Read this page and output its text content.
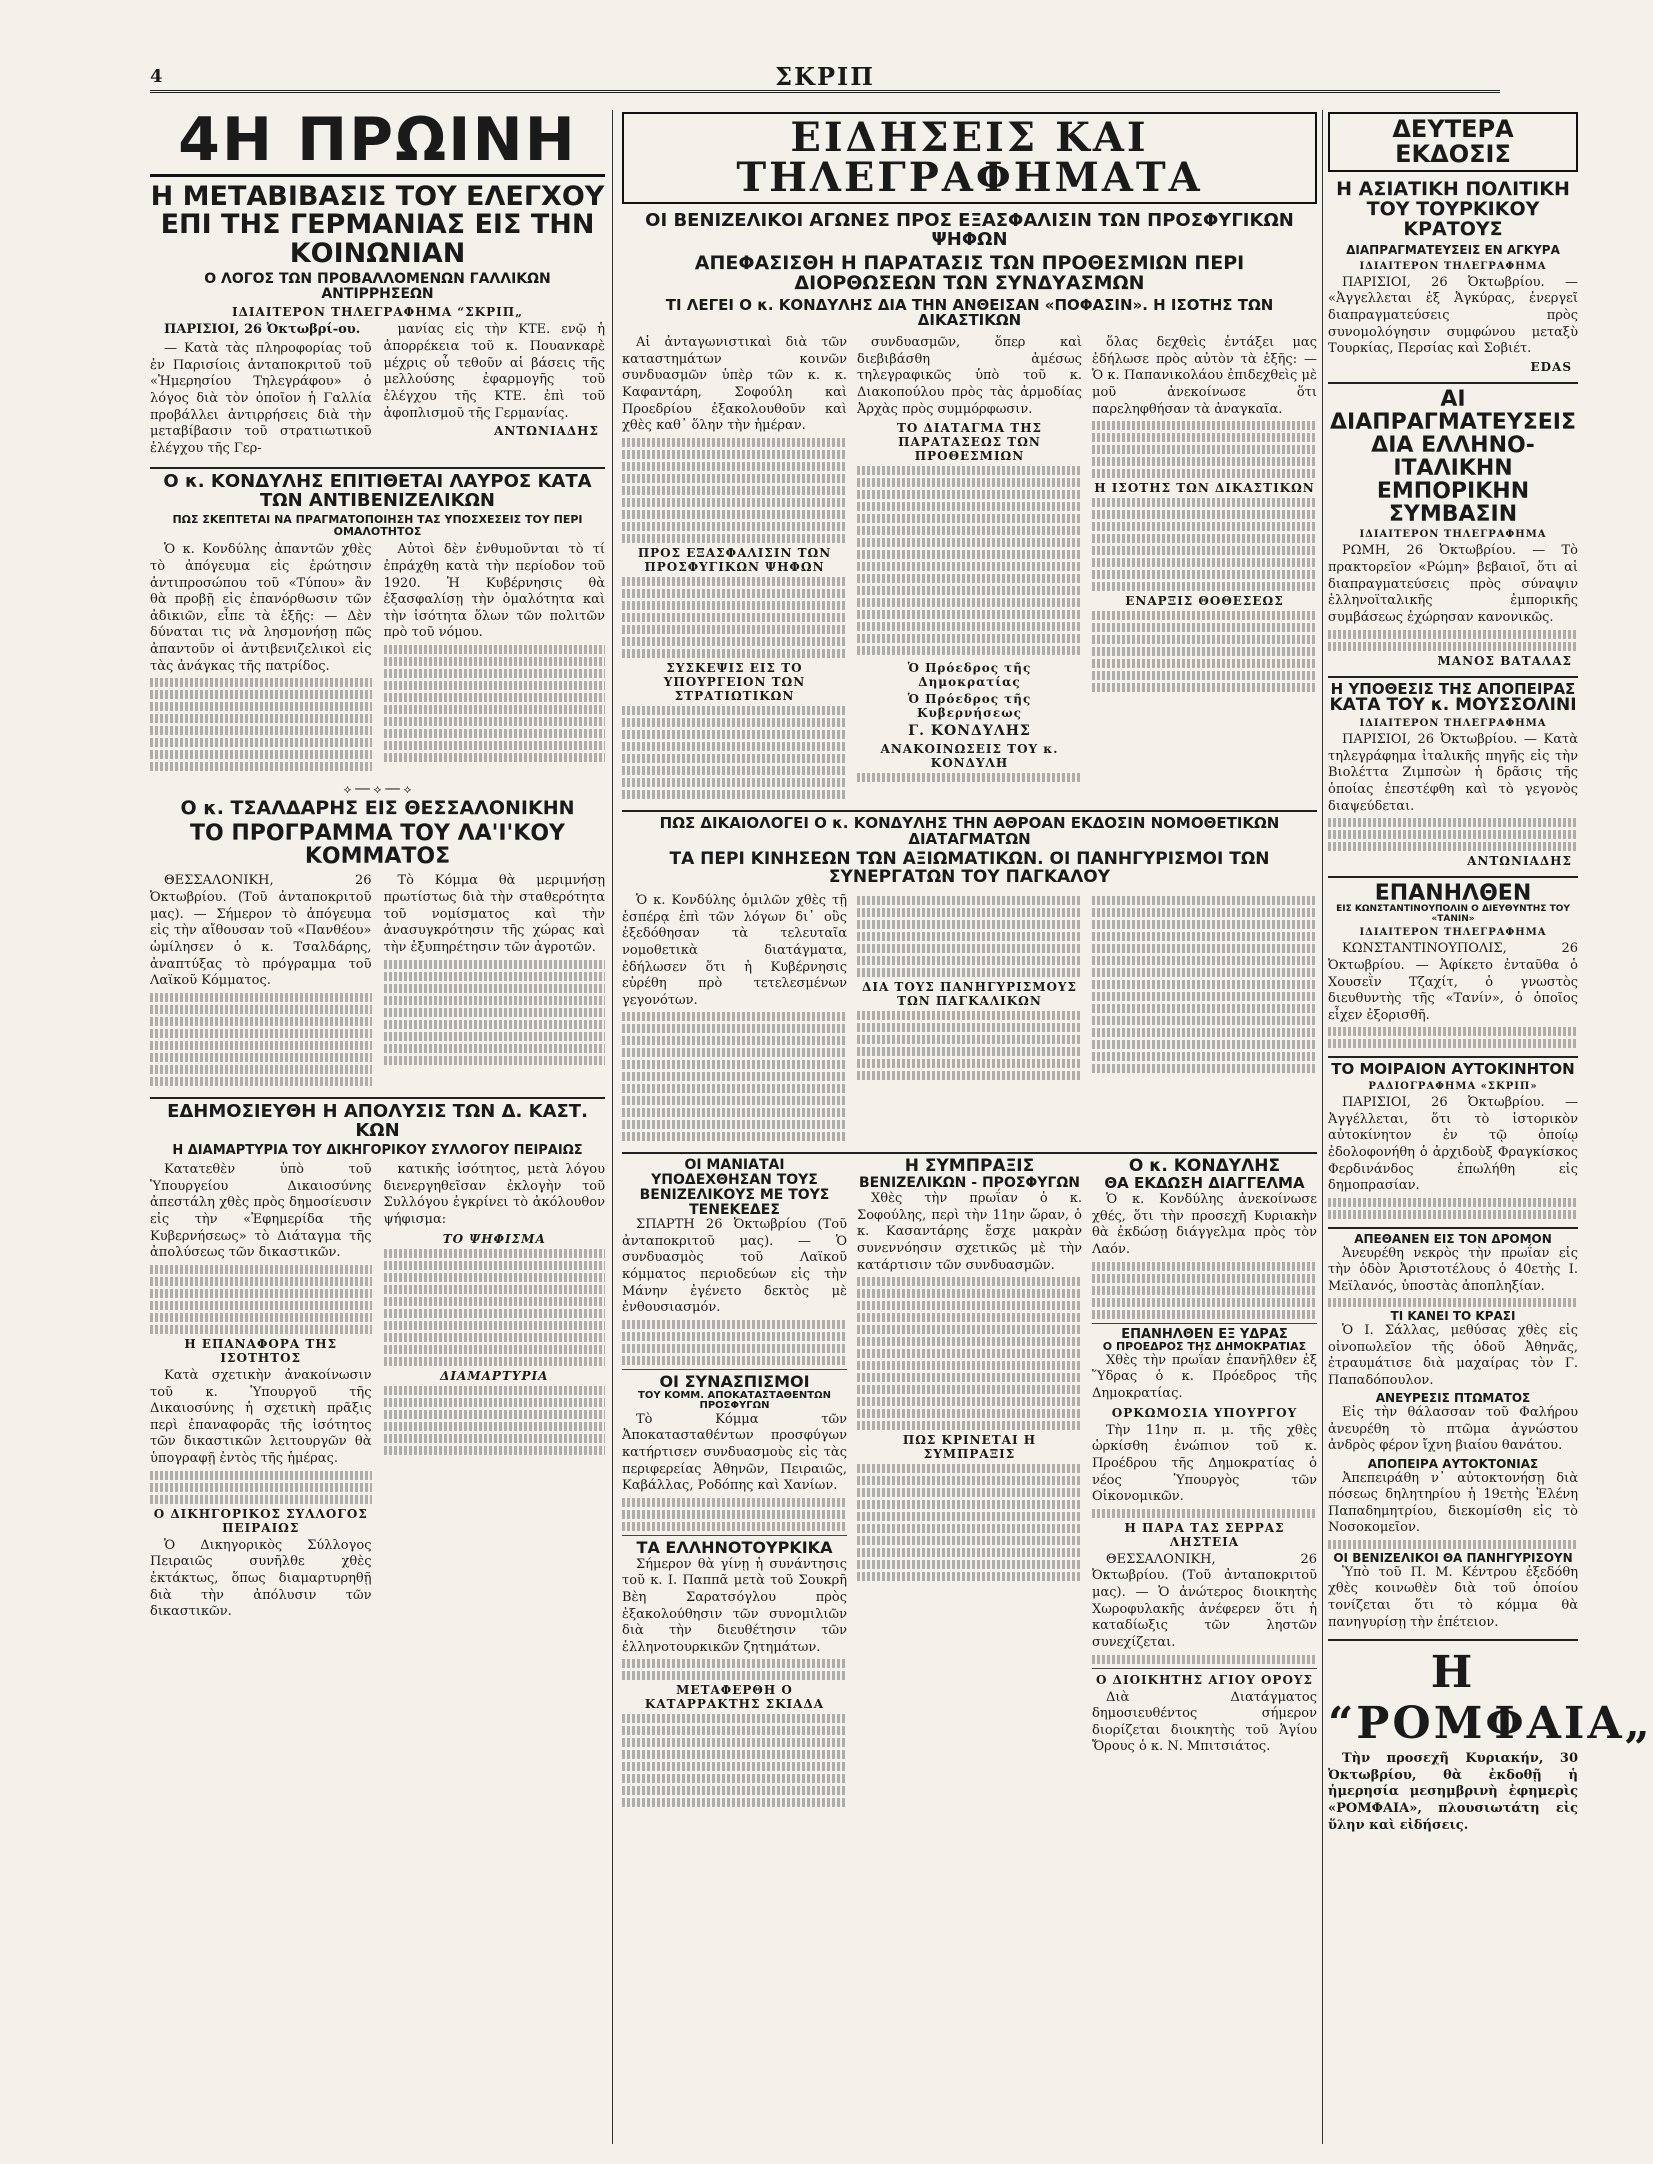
4	ΣΚΡΙΠ
4Η ΠΡΩΙΝΗ
Η ΜΕΤΑΒΙΒΑΣΙΣ ΤΟΥ ΕΛΕΓΧΟΥ
ΕΠΙ ΤΗΣ ΓΕΡΜΑΝΙΑΣ ΕΙΣ ΤΗΝ ΚΟΙΝΩΝΙΑΝ
Ο ΛΟΓΟΣ ΤΩΝ ΠΡΟΒΑΛΛΟΜΕΝΩΝ ΓΑΛΛΙΚΩΝ ΑΝΤΙΡΡΗΣΕΩΝ
ΙΔΙΑΙΤΕΡΟΝ ΤΗΛΕΓΡΑΦΗΜΑ “ΣΚΡΙΠ„

ΠΑΡΙΣΙΟΙ, 26 Ὀκτωβρί-ου.

— Κατὰ τὰς πληροφορίας τοῦ ἐν Παρισίοις ἀνταποκριτοῦ τοῦ «Ἡμερησίου Τηλεγράφου» ὁ λόγος διὰ τὸν ὁποῖον ἡ Γαλλία προβάλλει ἀντιρρήσεις διὰ τὴν μεταβίβασιν τοῦ στρατιωτικοῦ ἐλέγχου τῆς Γερ-

μανίας εἰς τὴν ΚΤΕ. ενῷ ἡ ἀπορρέκεια τοῦ κ. Πουανκαρὲ μέχρις οὗ τεθοῦν αἱ βάσεις τῆς μελλούσης ἐφαρμογῆς τοῦ ἐλέγχου τῆς ΚΤΕ. ἐπὶ τοῦ ἀφοπλισμοῦ τῆς Γερμανίας.

ΑΝΤΩΝΙΑΔΗΣ
Ο κ. ΚΟΝΔΥΛΗΣ ΕΠΙΤΙΘΕΤΑΙ ΛΑΥΡΟΣ ΚΑΤΑ ΤΩΝ ΑΝΤΙΒΕΝΙΖΕΛΙΚΩΝ
ΠΩΣ ΣΚΕΠΤΕΤΑΙ ΝΑ ΠΡΑΓΜΑΤΟΠΟΙΗΣΗ ΤΑΣ ΥΠΟΣΧΕΣΕΙΣ ΤΟΥ ΠΕΡΙ ΟΜΑΛΟΤΗΤΟΣ

Ὁ κ. Κονδύλης ἀπαντῶν χθὲς τὸ ἀπόγευμα εἰς ἐρώτησιν ἀντιπροσώπου τοῦ «Τύπου» ἂν θὰ προβῇ εἰς ἐπανόρθωσιν τῶν ἀδικιῶν, εἶπε τὰ ἑξῆς: — Δὲν δύναται τις νὰ λησμονήσῃ πῶς ἀπαντοῦν οἱ ἀντιβενιζελικοὶ εἰς τὰς ἀνάγκας τῆς πατρίδος.

Αὐτοὶ δὲν ἐνθυμοῦνται τὸ τί ἐπράχθη κατὰ τὴν περίοδον τοῦ 1920. Ἡ Κυβέρνησις θὰ ἐξασφαλίσῃ τὴν ὁμαλότητα καὶ τὴν ἰσότητα ὅλων τῶν πολιτῶν πρὸ τοῦ νόμου.

⟡ ── ⟡ ── ⟡
Ο κ. ΤΣΑΛΔΑΡΗΣ ΕΙΣ ΘΕΣΣΑΛΟΝΙΚΗΝ
ΤΟ ΠΡΟΓΡΑΜΜΑ ΤΟΥ ΛΑ'Ι'ΚΟΥ ΚΟΜΜΑΤΟΣ

ΘΕΣΣΑΛΟΝΙΚΗ, 26 Ὀκτωβρίου. (Τοῦ ἀνταποκριτοῦ μας). — Σήμερον τὸ ἀπόγευμα εἰς τὴν αἴθουσαν τοῦ «Πανθέου» ὡμίλησεν ὁ κ. Τσαλδάρης, ἀναπτύξας τὸ πρόγραμμα τοῦ Λαϊκοῦ Κόμματος.

Τὸ Κόμμα θὰ μεριμνήσῃ πρωτίστως διὰ τὴν σταθερότητα τοῦ νομίσματος καὶ τὴν ἀνασυγκρότησιν τῆς χώρας καὶ τὴν ἐξυπηρέτησιν τῶν ἀγροτῶν.

ΕΔΗΜΟΣΙΕΥΘΗ Η ΑΠΟΛΥΣΙΣ ΤΩΝ Δ. ΚΑΣΤ. ΚΩΝ
Η ΔΙΑΜΑΡΤΥΡΙΑ ΤΟΥ ΔΙΚΗΓΟΡΙΚΟΥ ΣΥΛΛΟΓΟΥ ΠΕΙΡΑΙΩΣ

Κατατεθὲν ὑπὸ τοῦ Ὑπουργείου Δικαιοσύνης ἀπεστάλη χθὲς πρὸς δημοσίευσιν εἰς τὴν «Ἐφημερίδα τῆς Κυβερνήσεως» τὸ Διάταγμα τῆς ἀπολύσεως τῶν δικαστικῶν.

Η ΕΠΑΝΑΦΟΡΑ ΤΗΣ ΙΣΟΤΗΤΟΣ

Κατὰ σχετικὴν ἀνακοίνωσιν τοῦ κ. Ὑπουργοῦ τῆς Δικαιοσύνης ἡ σχετικὴ πρᾶξις περὶ ἐπαναφορᾶς τῆς ἰσότητος τῶν δικαστικῶν λειτουργῶν θὰ ὑπογραφῇ ἐντὸς τῆς ἡμέρας.

Ο ΔΙΚΗΓΟΡΙΚΟΣ ΣΥΛΛΟΓΟΣ ΠΕΙΡΑΙΩΣ

Ὁ Δικηγορικὸς Σύλλογος Πειραιῶς συνῆλθε χθὲς ἐκτάκτως, ὅπως διαμαρτυρηθῇ διὰ τὴν ἀπόλυσιν τῶν δικαστικῶν.

κατικῆς ἰσότητος, μετὰ λόγου διενεργηθεῖσαν ἐκλογὴν τοῦ Συλλόγου ἐγκρίνει τὸ ἀκόλουθον ψήφισμα:

ΤΟ ΨΗΦΙΣΜΑ
ΔΙΑΜΑΡΤΥΡΙΑ
ΕΙΔΗΣΕΙΣ ΚΑΙ ΤΗΛΕΓΡΑΦΗΜΑΤΑ
ΟΙ ΒΕΝΙΖΕΛΙΚΟΙ ΑΓΩΝΕΣ ΠΡΟΣ ΕΞΑΣΦΑΛΙΣΙΝ ΤΩΝ ΠΡΟΣΦΥΓΙΚΩΝ ΨΗΦΩΝ
ΑΠΕΦΑΣΙΣΘΗ Η ΠΑΡΑΤΑΣΙΣ ΤΩΝ ΠΡΟΘΕΣΜΙΩΝ ΠΕΡΙ ΔΙΟΡΘΩΣΕΩΝ ΤΩΝ ΣΥΝΔΥΑΣΜΩΝ
ΤΙ ΛΕΓΕΙ Ο κ. ΚΟΝΔΥΛΗΣ ΔΙΑ ΤΗΝ ΑΝΘΕΙΣΑΝ «ΠΟΦΑΣΙΝ». Η ΙΣΟΤΗΣ ΤΩΝ ΔΙΚΑΣΤΙΚΩΝ

Αἱ ἀνταγωνιστικαὶ διὰ τῶν καταστημάτων κοινῶν συνδυασμῶν ὑπὲρ τῶν κ. κ. Καφαντάρη, Σοφούλη καὶ Προεδρίου ἐξακολουθοῦν καὶ χθὲς καθ᾽ ὅλην τὴν ἡμέραν.

ΠΡΟΣ ΕΞΑΣΦΑΛΙΣΙΝ ΤΩΝ ΠΡΟΣΦΥΓΙΚΩΝ ΨΗΦΩΝ
ΣΥΣΚΕΨΙΣ ΕΙΣ ΤΟ ΥΠΟΥΡΓΕΙΟΝ ΤΩΝ ΣΤΡΑΤΙΩΤΙΚΩΝ

συνδυασμῶν, ὅπερ καὶ διεβιβάσθη ἀμέσως τηλεγραφικῶς ὑπὸ τοῦ κ. Διακοπούλου πρὸς τὰς ἁρμοδίας Ἀρχὰς πρὸς συμμόρφωσιν.

ΤΟ ΔΙΑΤΑΓΜΑ ΤΗΣ ΠΑΡΑΤΑΣΕΩΣ ΤΩΝ ΠΡΟΘΕΣΜΙΩΝ
Ὁ Πρόεδρος τῆς Δημοκρατίας
Ὁ Πρόεδρος τῆς Κυβερνήσεως
Γ. ΚΟΝΔΥΛΗΣ
ΑΝΑΚΟΙΝΩΣΕΙΣ ΤΟΥ κ. ΚΟΝΔΥΛΗ

ὅλας δεχθεὶς ἐντάξει μας ἐδήλωσε πρὸς αὐτὸν τὰ ἑξῆς: — Ὁ κ. Παπανικολάου ἐπιδεχθεὶς μὲ μοῦ ἀνεκοίνωσε ὅτι παρεληφθήσαν τὰ ἀναγκαῖα.

Η ΙΣΟΤΗΣ ΤΩΝ ΔΙΚΑΣΤΙΚΩΝ
ΕΝΑΡΞΙΣ ΘΟΘΕΣΕΩΣ
ΠΩΣ ΔΙΚΑΙΟΛΟΓΕΙ Ο κ. ΚΟΝΔΥΛΗΣ ΤΗΝ ΑΘΡΟΑΝ ΕΚΔΟΣΙΝ ΝΟΜΟΘΕΤΙΚΩΝ ΔΙΑΤΑΓΜΑΤΩΝ
ΤΑ ΠΕΡΙ ΚΙΝΗΣΕΩΝ ΤΩΝ ΑΞΙΩΜΑΤΙΚΩΝ. ΟΙ ΠΑΝΗΓΥΡΙΣΜΟΙ ΤΩΝ ΣΥΝΕΡΓΑΤΩΝ ΤΟΥ ΠΑΓΚΑΛΟΥ

Ὁ κ. Κονδύλης ὁμιλῶν χθὲς τῇ ἑσπέρᾳ ἐπὶ τῶν λόγων δι᾽ οὓς ἐξεδόθησαν τὰ τελευταῖα νομοθετικὰ διατάγματα, ἐδήλωσεν ὅτι ἡ Κυβέρνησις εὑρέθη πρὸ τετελεσμένων γεγονότων.

ΔΙΑ ΤΟΥΣ ΠΑΝΗΓΥΡΙΣΜΟΥΣ ΤΩΝ ΠΑΓΚΑΛΙΚΩΝ
ΟΙ ΜΑΝΙΑΤΑΙ ΥΠΟΔΕΧΘΗΣΑΝ ΤΟΥΣ ΒΕΝΙΖΕΛΙΚΟΥΣ ΜΕ ΤΟΥΣ ΤΕΝΕΚΕΔΕΣ

ΣΠΑΡΤΗ 26 Ὀκτωβρίου (Τοῦ ἀνταποκριτοῦ μας). — Ὁ συνδυασμὸς τοῦ Λαϊκοῦ κόμματος περιοδεύων εἰς τὴν Μάνην ἐγένετο δεκτὸς μὲ ἐνθουσιασμόν.

ΟΙ ΣΥΝΑΣΠΙΣΜΟΙ
ΤΟΥ ΚΟΜΜ. ΑΠΟΚΑΤΑΣΤΑΘΕΝΤΩΝ ΠΡΟΣΦΥΓΩΝ

Τὸ Κόμμα τῶν Ἀποκατασταθέντων προσφύγων κατήρτισεν συνδυασμοὺς εἰς τὰς περιφερείας Ἀθηνῶν, Πειραιῶς, Καβάλλας, Ροδόπης καὶ Χανίων.

ΤΑ ΕΛΛΗΝΟΤΟΥΡΚΙΚΑ

Σήμερον θὰ γίνῃ ἡ συνάντησις τοῦ κ. Ι. Παππᾶ μετὰ τοῦ Σουκρῆ Βὲη Σαρατσόγλου πρὸς ἐξακολούθησιν τῶν συνομιλιῶν διὰ τὴν διευθέτησιν τῶν ἐλληνοτουρκικῶν ζητημάτων.

ΜΕΤΑΦΕΡΘΗ Ο ΚΑΤΑΡΡΑΚΤΗΣ ΣΚΙΑΔΑ
Η ΣΥΜΠΡΑΞΙΣ
ΒΕΝΙΖΕΛΙΚΩΝ - ΠΡΟΣΦΥΓΩΝ

Χθὲς τὴν πρωΐαν ὁ κ. Σοφούλης, περὶ τὴν 11ην ὥραν, ὁ κ. Κασαντάρης ἔσχε μακρὰν συνεννόησιν σχετικῶς μὲ τὴν κατάρτισιν τῶν συνδυασμῶν.

ΠΩΣ ΚΡΙΝΕΤΑΙ Η ΣΥΜΠΡΑΞΙΣ
Ο κ. ΚΟΝΔΥΛΗΣ
ΘΑ ΕΚΔΩΣΗ ΔΙΑΓΓΕΛΜΑ

Ὁ κ. Κονδύλης ἀνεκοίνωσε χθές, ὅτι τὴν προσεχῆ Κυριακὴν θὰ ἐκδώσῃ διάγγελμα πρὸς τὸν Λαόν.

ΕΠΑΝΗΛΘΕΝ ΕΞ ΥΔΡΑΣ
Ο ΠΡΟΕΔΡΟΣ ΤΗΣ ΔΗΜΟΚΡΑΤΙΑΣ

Χθὲς τὴν πρωΐαν ἐπανῆλθεν ἐξ Ὕδρας ὁ κ. Πρόεδρος τῆς Δημοκρατίας.

ΟΡΚΩΜΟΣΙΑ ΥΠΟΥΡΓΟΥ

Τὴν 11ην π. μ. τῆς χθὲς ὡρκίσθη ἐνώπιον τοῦ κ. Προέδρου τῆς Δημοκρατίας ὁ νέος Ὑπουργὸς τῶν Οἰκονομικῶν.

Η ΠΑΡΑ ΤΑΣ ΣΕΡΡΑΣ ΛΗΣΤΕΙΑ

ΘΕΣΣΑΛΟΝΙΚΗ, 26 Ὀκτωβρίου. (Τοῦ ἀνταποκριτοῦ μας). — Ὁ ἀνώτερος διοικητὴς Χωροφυλακῆς ἀνέφερεν ὅτι ἡ καταδίωξις τῶν ληστῶν συνεχίζεται.

Ο ΔΙΟΙΚΗΤΗΣ ΑΓΙΟΥ ΟΡΟΥΣ

Διὰ Διατάγματος δημοσιευθέντος σήμερον διορίζεται διοικητὴς τοῦ Ἁγίου Ὄρους ὁ κ. Ν. Μπιτσιάτος.

ΔΕΥΤΕΡΑ ΕΚΔΟΣΙΣ
Η ΑΣΙΑΤΙΚΗ ΠΟΛΙΤΙΚΗ
ΤΟΥ ΤΟΥΡΚΙΚΟΥ ΚΡΑΤΟΥΣ
ΔΙΑΠΡΑΓΜΑΤΕΥΣΕΙΣ ΕΝ ΑΓΚΥΡΑ
ΙΔΙΑΙΤΕΡΟΝ ΤΗΛΕΓΡΑΦΗΜΑ

ΠΑΡΙΣΙΟΙ, 26 Ὀκτωβρίου. — «Ἀγγελλεται ἐξ Ἀγκύρας, ἐνεργεῖ διαπραγματεύσεις πρὸς συνομολόγησιν συμφώνου μεταξὺ Τουρκίας, Περσίας καὶ Σοβιέτ.

EDAS
ΑΙ ΔΙΑΠΡΑΓΜΑΤΕΥΣΕΙΣ
ΔΙΑ ΕΛΛΗΝΟ-ΙΤΑΛΙΚΗΝ
ΕΜΠΟΡΙΚΗΝ ΣΥΜΒΑΣΙΝ
ΙΔΙΑΙΤΕΡΟΝ ΤΗΛΕΓΡΑΦΗΜΑ

ΡΩΜΗ, 26 Ὀκτωβρίου. — Τὸ πρακτορεῖον «Ρώμη» βεβαιοῖ, ὅτι αἱ διαπραγματεύσεις πρὸς σύναψιν ἑλληνοϊταλικῆς ἐμπορικῆς συμβάσεως ἐχώρησαν κανονικῶς.

ΜΑΝΟΣ ΒΑΤΑΛΑΣ
Η ΥΠΟΘΕΣΙΣ ΤΗΣ ΑΠΟΠΕΙΡΑΣ
ΚΑΤΑ ΤΟΥ κ. ΜΟΥΣΣΟΛΙΝΙ
ΙΔΙΑΙΤΕΡΟΝ ΤΗΛΕΓΡΑΦΗΜΑ

ΠΑΡΙΣΙΟΙ, 26 Ὀκτωβρίου. — Κατὰ τηλεγράφημα ἰταλικῆς πηγῆς εἰς τὴν Βιολέττα Ζιμπσὼν ἡ δρᾶσις τῆς ὁποίας ἐπεστέφθη καὶ τὸ γεγονὸς διαψεύδεται.

ΑΝΤΩΝΙΑΔΗΣ
ΕΠΑΝΗΛΘΕΝ
ΕΙΣ ΚΩΝΣΤΑΝΤΙΝΟΥΠΟΛΙΝ Ο ΔΙΕΥΘΥΝΤΗΣ ΤΟΥ «ΤΑΝΙΝ»
ΙΔΙΑΙΤΕΡΟΝ ΤΗΛΕΓΡΑΦΗΜΑ

ΚΩΝΣΤΑΝΤΙΝΟΥΠΟΛΙΣ, 26 Ὀκτωβρίου. — Ἀφίκετο ἐνταῦθα ὁ Χουσεῒν Τζαχίτ, ὁ γνωστὸς διευθυντὴς τῆς «Τανίν», ὁ ὁποῖος εἶχεν ἐξορισθῆ.

ΤΟ ΜΟΙΡΑΙΟΝ ΑΥΤΟΚΙΝΗΤΟΝ
ΡΑΔΙΟΓΡΑΦΗΜΑ «ΣΚΡΙΠ»

ΠΑΡΙΣΙΟΙ, 26 Ὀκτωβρίου. — Ἀγγέλλεται, ὅτι τὸ ἰστορικὸν αὐτοκίνητον ἐν τῷ ὁποίῳ ἐδολοφονήθη ὁ ἀρχιδοὺξ Φραγκίσκος Φερδινάνδος ἐπωλήθη εἰς δημοπρασίαν.

ΑΠΕΘΑΝΕΝ ΕΙΣ ΤΟΝ ΔΡΟΜΟΝ

Ἀνευρέθη νεκρὸς τὴν πρωΐαν εἰς τὴν ὁδὸν Ἀριστοτέλους ὁ 40ετὴς Ι. Μεϊλανός, ὑποστὰς ἀποπληξίαν.

ΤΙ ΚΑΝΕΙ ΤΟ ΚΡΑΣΙ

Ὁ Ι. Σάλλας, μεθύσας χθὲς εἰς οἰνοπωλεῖον τῆς ὁδοῦ Ἀθηνᾶς, ἐτραυμάτισε διὰ μαχαίρας τὸν Γ. Παπαδόπουλον.

ΑΝΕΥΡΕΣΙΣ ΠΤΩΜΑΤΟΣ

Εἰς τὴν θάλασσαν τοῦ Φαλήρου ἀνευρέθη τὸ πτῶμα ἀγνώστου ἀνδρὸς φέρον ἴχνη βιαίου θανάτου.

ΑΠΟΠΕΙΡΑ ΑΥΤΟΚΤΟΝΙΑΣ

Ἀπεπειράθη ν᾽ αὐτοκτονήσῃ διὰ πόσεως δηλητηρίου ἡ 19ετὴς Ἑλένη Παπαδημητρίου, διεκομίσθη εἰς τὸ Νοσοκομεῖον.

ΟΙ ΒΕΝΙΖΕΛΙΚΟΙ ΘΑ ΠΑΝΗΓΥΡΙΣΟΥΝ

Ὑπὸ τοῦ Π. Μ. Κέντρου ἐξεδόθη χθὲς κοινωθὲν διὰ τοῦ ὁποίου τονίζεται ὅτι τὸ κόμμα θὰ πανηγυρίσῃ τὴν ἐπέτειον.

Η “ΡΟΜΦΑΙΑ„

Τὴν προσεχῆ Κυριακήν, 30 Ὀκτωβρίου, θὰ ἐκδοθῇ ἡ ἡμερησία μεσημβρινὴ ἐφημερὶς «ΡΟΜΦΑΙΑ», πλουσιωτάτη εἰς ὕλην καὶ εἰδήσεις.
